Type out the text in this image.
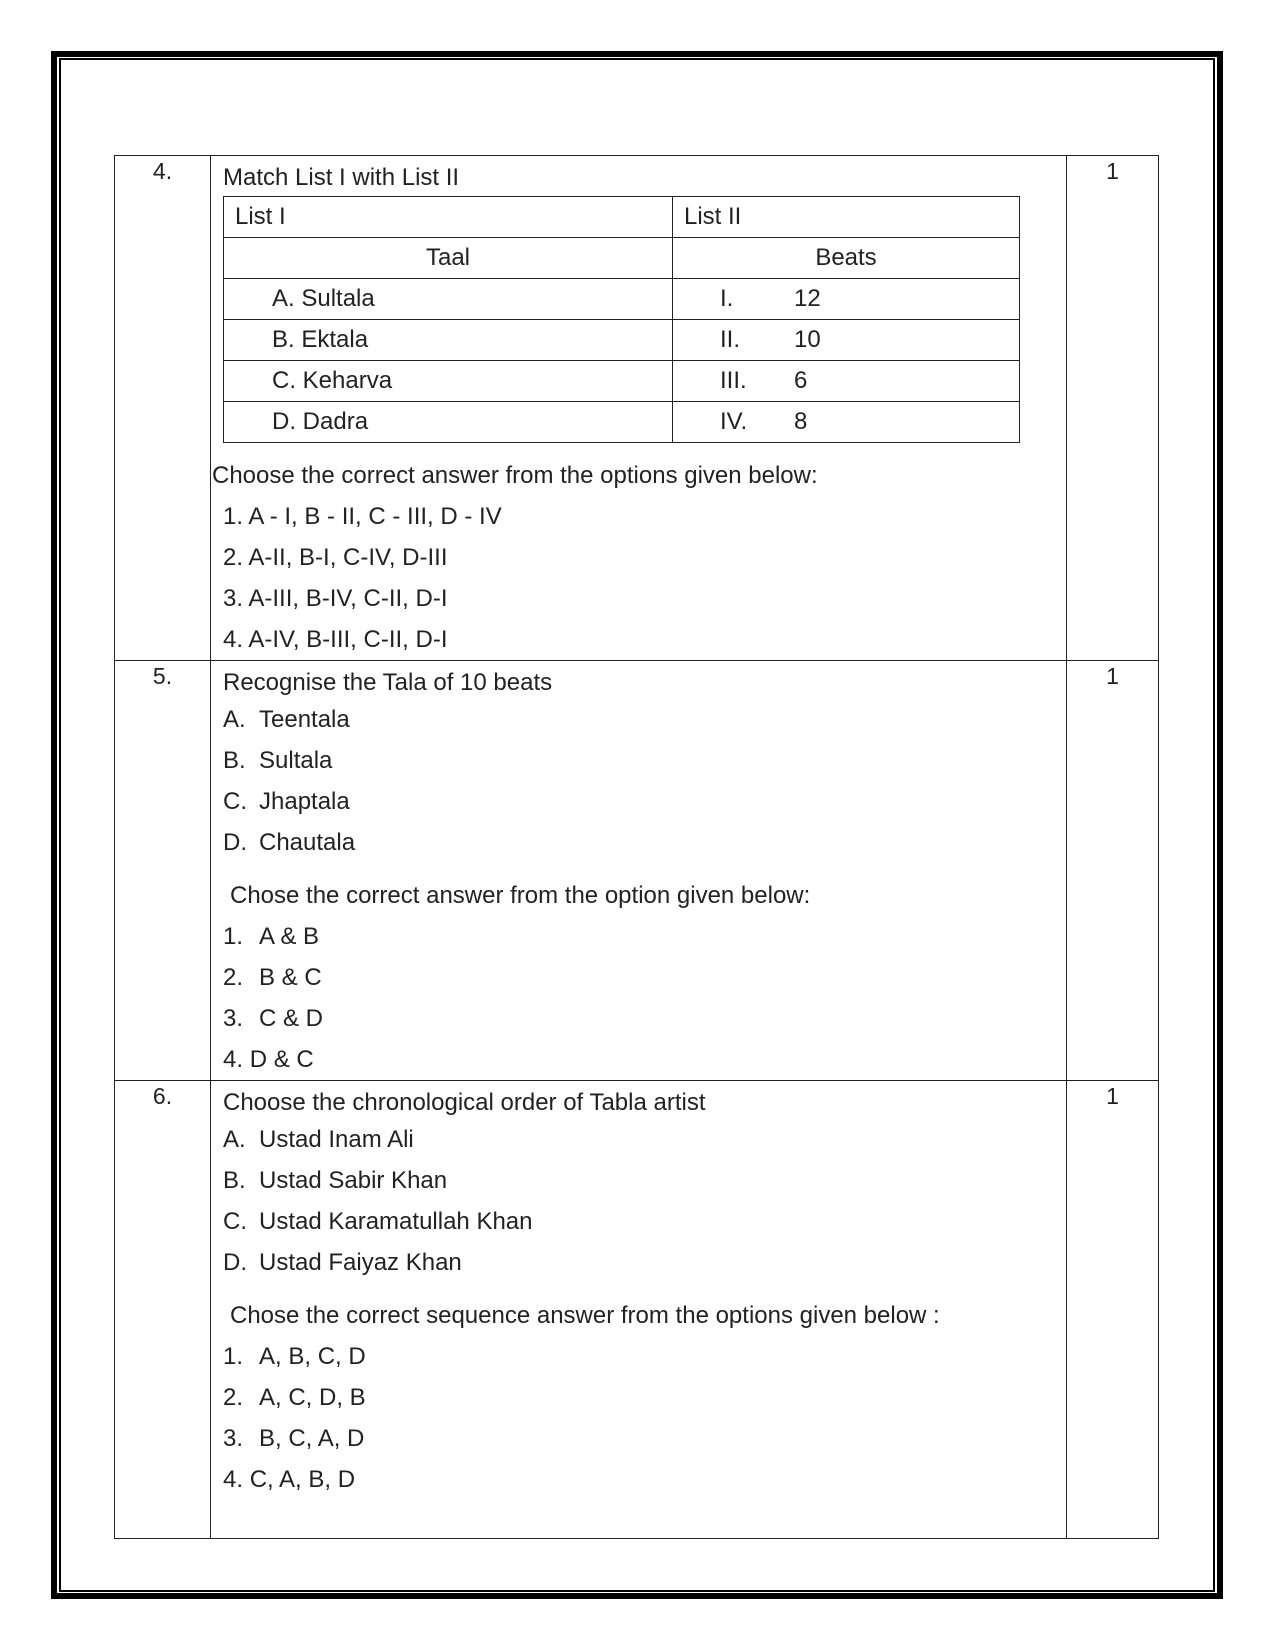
4.	Match List I with List II
List I	List II
Taal	Beats
A. Sultala	I.	12
B. Ektala	II. 10
C. Keharva	III. 6
D. Dadra	IV. 8
Choose the correct answer from the options given below:
1. A - I, B - II, C - III, D - IV
2. A-II, B-I, C-IV, D-III
3. A-III, B-IV, C-II, D-I
4. A-IV, B-III, C-II, D-I
	1
5.	Recognise the Tala of 10 beats
A. Teentala
B. Sultala
C. Jhaptala
D. Chautala
Chose the correct answer from the option given below:
1. A & B
2. B & C
3. C & D
4. D & C
	1
6.	Choose the chronological order of Tabla artist
A. Ustad Inam Ali
B. Ustad Sabir Khan
C. Ustad Karamatullah Khan
D. Ustad Faiyaz Khan
Chose the correct sequence answer from the options given below :
1. A, B, C, D
2. A, C, D, B
3. B, C, A, D
4. C, A, B, D
	1
